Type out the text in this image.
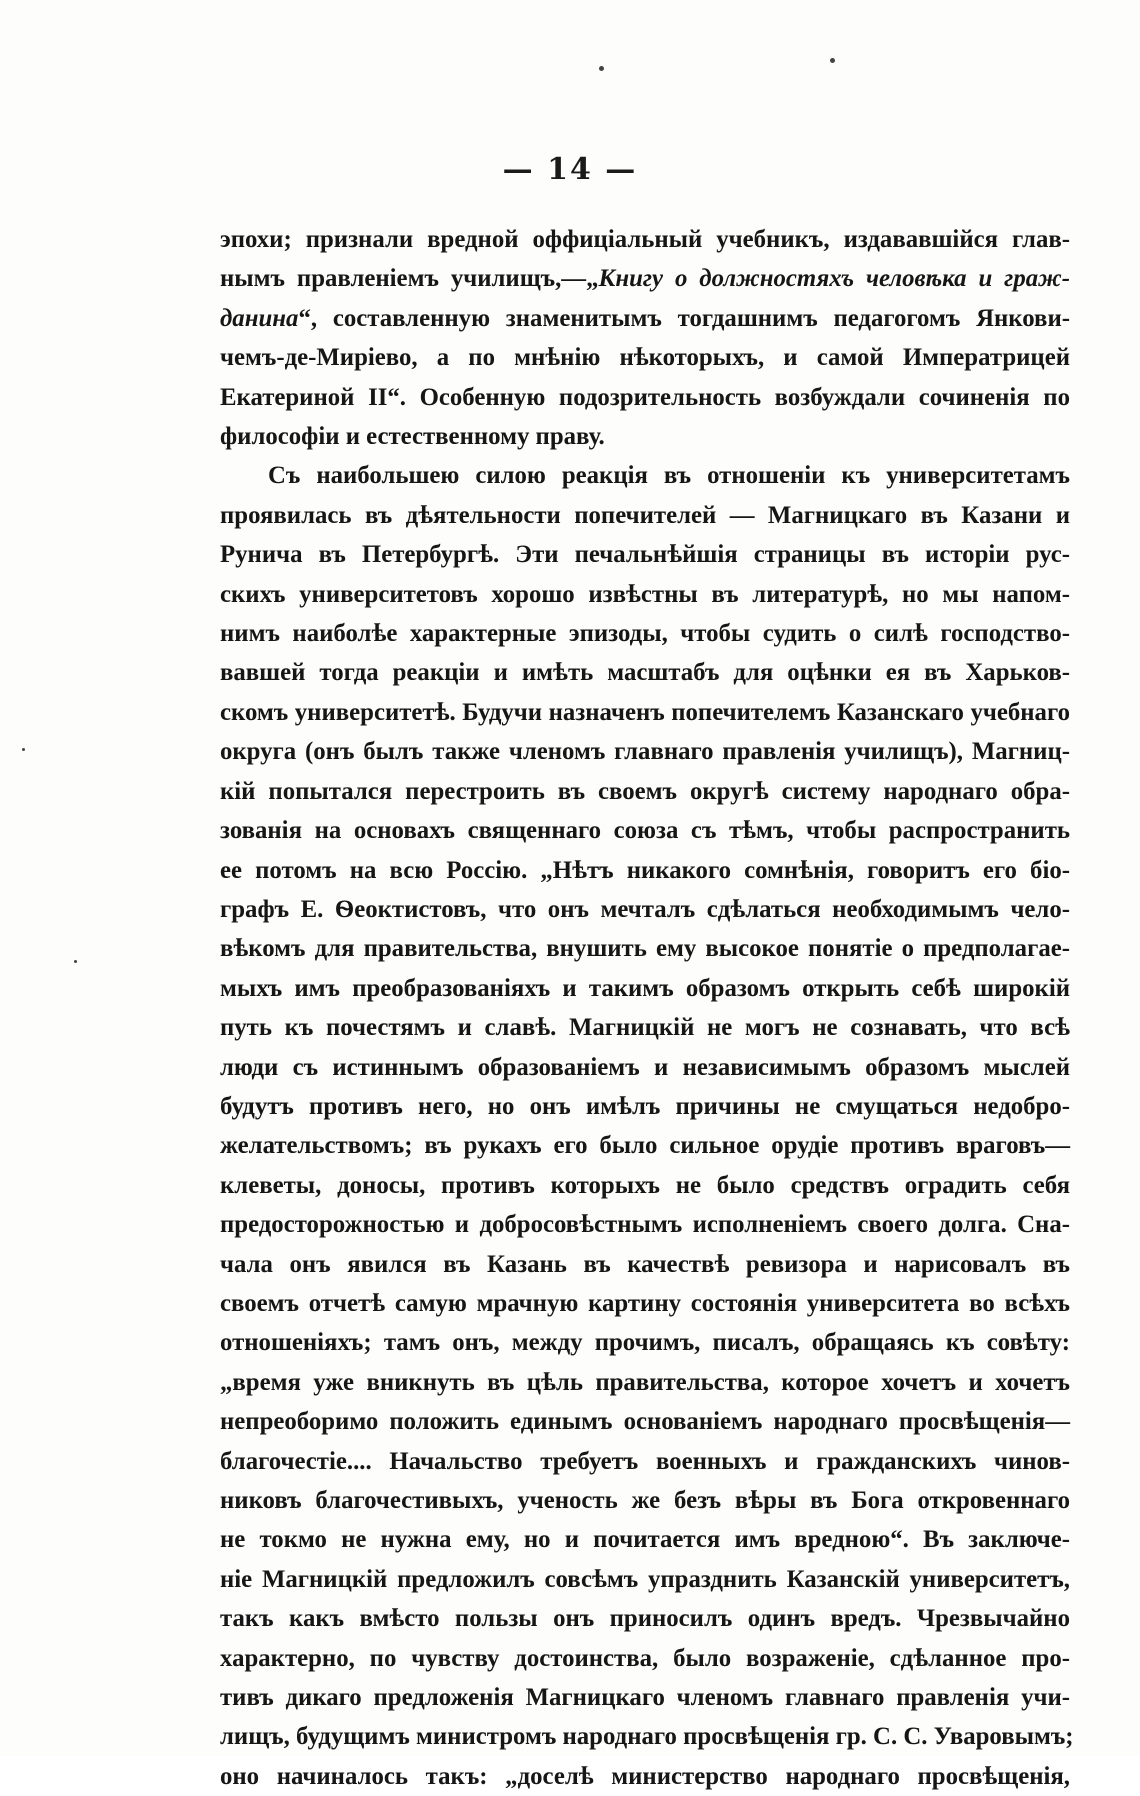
— 14 —
эпохи; признали вредной оффиціальный учебникъ, издававшійся глав-
нымъ правленіемъ училищъ,—„Книгу о должностяхъ человѣка и граж-
данина“, составленную знаменитымъ тогдашнимъ педагогомъ Янкови-
чемъ-де-Миріево, а по мнѣнію нѣкоторыхъ, и самой Императрицей
Екатериной II“. Особенную подозрительность возбуждали сочиненія по
философіи и естественному праву.
Съ наибольшею силою реакція въ отношеніи къ университетамъ
проявилась въ дѣятельности попечителей — Магницкаго въ Казани и
Рунича въ Петербургѣ. Эти печальнѣйшія страницы въ исторіи рус-
скихъ университетовъ хорошо извѣстны въ литературѣ, но мы напом-
нимъ наиболѣе характерные эпизоды, чтобы судить о силѣ господство-
вавшей тогда реакціи и имѣть масштабъ для оцѣнки ея въ Харьков-
скомъ университетѣ. Будучи назначенъ попечителемъ Казанскаго учебнаго
округа (онъ былъ также членомъ главнаго правленія училищъ), Магниц-
кій попытался перестроить въ своемъ округѣ систему народнаго обра-
зованія на основахъ священнаго союза съ тѣмъ, чтобы распространить
ее потомъ на всю Россію. „Нѣтъ никакого сомнѣнія, говоритъ его біо-
графъ Е. Ѳеоктистовъ, что онъ мечталъ сдѣлаться необходимымъ чело-
вѣкомъ для правительства, внушить ему высокое понятіе о предполагае-
мыхъ имъ преобразованіяхъ и такимъ образомъ открыть себѣ широкій
путь къ почестямъ и славѣ. Магницкій не могъ не сознавать, что всѣ
люди съ истиннымъ образованіемъ и независимымъ образомъ мыслей
будутъ противъ него, но онъ имѣлъ причины не смущаться недобро-
желательствомъ; въ рукахъ его было сильное орудіе противъ враговъ—
клеветы, доносы, противъ которыхъ не было средствъ оградить себя
предосторожностью и добросовѣстнымъ исполненіемъ своего долга. Сна-
чала онъ явился въ Казань въ качествѣ ревизора и нарисовалъ въ
своемъ отчетѣ самую мрачную картину состоянія университета во всѣхъ
отношеніяхъ; тамъ онъ, между прочимъ, писалъ, обращаясь къ совѣту:
„время уже вникнуть въ цѣль правительства, которое хочетъ и хочетъ
непреоборимо положить единымъ основаніемъ народнаго просвѣщенія—
благочестіе.... Начальство требуетъ военныхъ и гражданскихъ чинов-
никовъ благочестивыхъ, ученость же безъ вѣры въ Бога откровеннаго
не токмо не нужна ему, но и почитается имъ вредною“. Въ заключе-
ніе Магницкій предложилъ совсѣмъ упразднить Казанскій университетъ,
такъ какъ вмѣсто пользы онъ приносилъ одинъ вредъ. Чрезвычайно
характерно, по чувству достоинства, было возраженіе, сдѣланное про-
тивъ дикаго предложенія Магницкаго членомъ главнаго правленія учи-
лищъ, будущимъ министромъ народнаго просвѣщенія гр. С. С. Уваровымъ;
оно начиналось такъ: „доселѣ министерство народнаго просвѣщенія,
